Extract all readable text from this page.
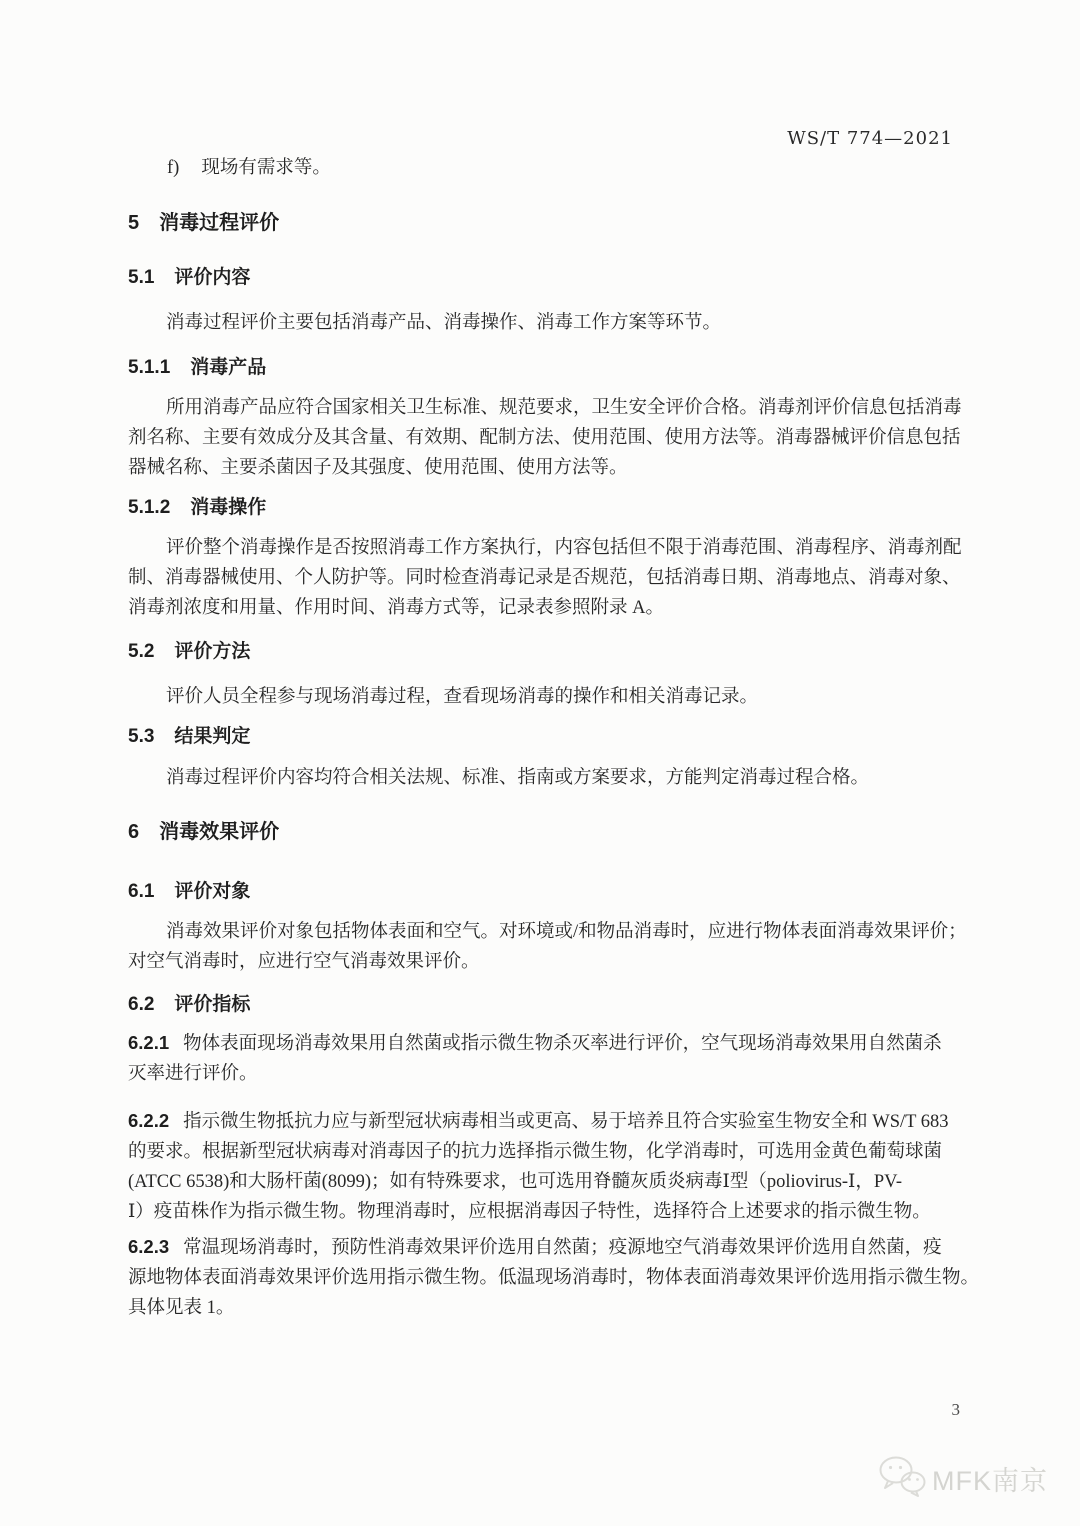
WS/T 774—2021
f) 现场有需求等。
5 消毒过程评价
5.1 评价内容
消毒过程评价主要包括消毒产品、消毒操作、消毒工作方案等环节。
5.1.1 消毒产品
所用消毒产品应符合国家相关卫生标准、规范要求，卫生安全评价合格。消毒剂评价信息包括消毒
剂名称、主要有效成分及其含量、有效期、配制方法、使用范围、使用方法等。消毒器械评价信息包括
器械名称、主要杀菌因子及其强度、使用范围、使用方法等。
5.1.2 消毒操作
评价整个消毒操作是否按照消毒工作方案执行，内容包括但不限于消毒范围、消毒程序、消毒剂配
制、消毒器械使用、个人防护等。同时检查消毒记录是否规范，包括消毒日期、消毒地点、消毒对象、
消毒剂浓度和用量、作用时间、消毒方式等，记录表参照附录 A。
5.2 评价方法
评价人员全程参与现场消毒过程，查看现场消毒的操作和相关消毒记录。
5.3 结果判定
消毒过程评价内容均符合相关法规、标准、指南或方案要求，方能判定消毒过程合格。
6 消毒效果评价
6.1 评价对象
消毒效果评价对象包括物体表面和空气。对环境或/和物品消毒时，应进行物体表面消毒效果评价；
对空气消毒时，应进行空气消毒效果评价。
6.2 评价指标
6.2.1 物体表面现场消毒效果用自然菌或指示微生物杀灭率进行评价，空气现场消毒效果用自然菌杀
灭率进行评价。
6.2.2 指示微生物抵抗力应与新型冠状病毒相当或更高、易于培养且符合实验室生物安全和 WS/T 683
的要求。根据新型冠状病毒对消毒因子的抗力选择指示微生物，化学消毒时，可选用金黄色葡萄球菌
(ATCC 6538)和大肠杆菌(8099)；如有特殊要求，也可选用脊髓灰质炎病毒Ⅰ型（poliovirus-Ⅰ，PV-
Ⅰ）疫苗株作为指示微生物。物理消毒时，应根据消毒因子特性，选择符合上述要求的指示微生物。
6.2.3 常温现场消毒时，预防性消毒效果评价选用自然菌；疫源地空气消毒效果评价选用自然菌，疫
源地物体表面消毒效果评价选用指示微生物。低温现场消毒时，物体表面消毒效果评价选用指示微生物。
具体见表 1。
3
MFK南京
